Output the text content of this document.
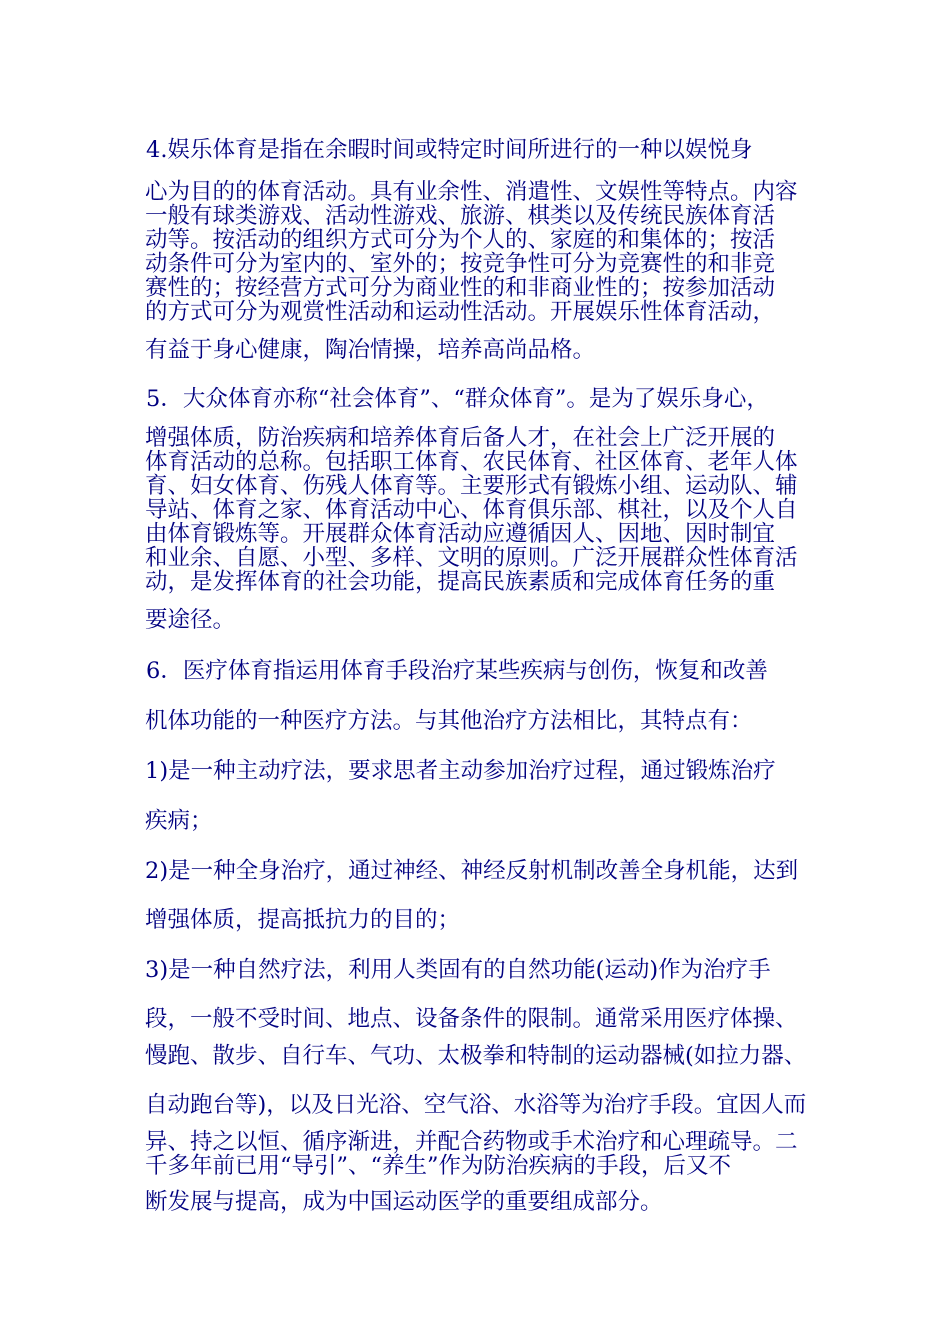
4.娱乐体育是指在余暇时间或特定时间所进行的一种以娱悦身
心为目的的体育活动。具有业余性、消遣性、文娱性等特点。内容
一般有球类游戏、活动性游戏、旅游、棋类以及传统民族体育活
动等。按活动的组织方式可分为个人的、家庭的和集体的；按活
动条件可分为室内的、室外的；按竞争性可分为竞赛性的和非竞
赛性的；按经营方式可分为商业性的和非商业性的；按参加活动
的方式可分为观赏性活动和运动性活动。开展娱乐性体育活动，
有益于身心健康，陶冶情操，培养高尚品格。
5．大众体育亦称“社会体育”、“群众体育”。是为了娱乐身心，
增强体质，防治疾病和培养体育后备人才，在社会上广泛开展的
体育活动的总称。包括职工体育、农民体育、社区体育、老年人体
育、妇女体育、伤残人体育等。主要形式有锻炼小组、运动队、辅
导站、体育之家、体育活动中心、体育俱乐部、棋社，以及个人自
由体育锻炼等。开展群众体育活动应遵循因人、因地、因时制宜
和业余、自愿、小型、多样、文明的原则。广泛开展群众性体育活
动，是发挥体育的社会功能，提高民族素质和完成体育任务的重
要途径。
6．医疗体育指运用体育手段治疗某些疾病与创伤，恢复和改善
机体功能的一种医疗方法。与其他治疗方法相比，其特点有：
1)是一种主动疗法，要求思者主动参加治疗过程，通过锻炼治疗
疾病；
2)是一种全身治疗，通过神经、神经反射机制改善全身机能，达到
增强体质，提高抵抗力的目的；
3)是一种自然疗法，利用人类固有的自然功能(运动)作为治疗手
段，一般不受时间、地点、设备条件的限制。通常采用医疗体操、
慢跑、散步、自行车、气功、太极拳和特制的运动器械(如拉力器、
自动跑台等)，以及日光浴、空气浴、水浴等为治疗手段。宜因人而
异、持之以恒、循序渐进，并配合药物或手术治疗和心理疏导。二
千多年前已用“导引”、“养生”作为防治疾病的手段，后又不
断发展与提高，成为中国运动医学的重要组成部分。
